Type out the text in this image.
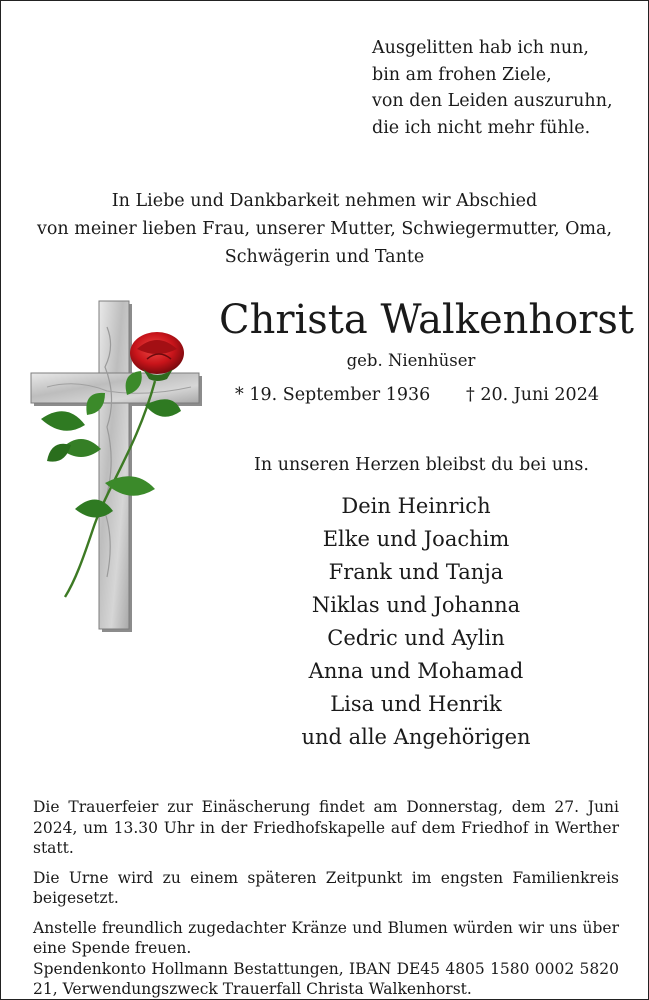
Ausgelitten hab ich nun,
bin am frohen Ziele,
von den Leiden auszuruhn,
die ich nicht mehr fühle.
In Liebe und Dankbarkeit nehmen wir Abschied
von meiner lieben Frau, unserer Mutter, Schwiegermutter, Oma,
Schwägerin und Tante
Christa Walkenhorst
geb. Nienhüser
* 19. September 1936 † 20. Juni 2024
In unseren Herzen bleibst du bei uns.
Dein Heinrich
Elke und Joachim
Frank und Tanja
Niklas und Johanna
Cedric und Aylin
Anna und Mohamad
Lisa und Henrik
und alle Angehörigen

Die Trauerfeier zur Einäscherung findet am Donnerstag, dem 27. Juni 2024, um 13.30 Uhr in der Friedhofskapelle auf dem Friedhof in Werther statt.

Die Urne wird zu einem späteren Zeitpunkt im engsten Familienkreis beigesetzt.

Anstelle freundlich zugedachter Kränze und Blumen würden wir uns über eine Spende freuen.

Spendenkonto Hollmann Bestattungen, IBAN DE45 4805 1580 0002 5820 21, Verwendungszweck Trauerfall Christa Walkenhorst.
